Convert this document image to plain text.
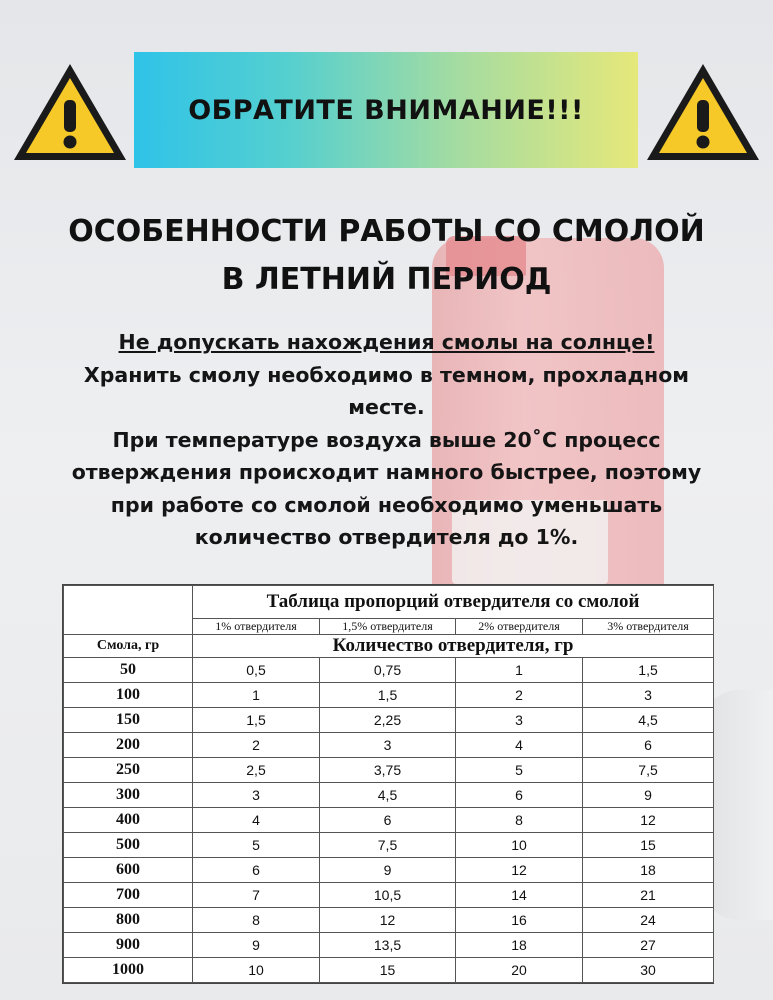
ОБРАТИТЕ ВНИМАНИЕ!!!
ОСОБЕННОСТИ РАБОТЫ СО СМОЛОЙ
В ЛЕТНИЙ ПЕРИОД
Не допускать нахождения смолы на солнце!
Хранить смолу необходимо в темном, прохладном
месте.
При температуре воздуха выше 20˚С процесс
отверждения происходит намного быстрее, поэтому
при работе со смолой необходимо уменьшать
количество отвердителя до 1%.
	Таблица пропорций отвердителя со смолой			
	1% отвердителя	1,5% отвердителя	2% отвердителя	3% отвердителя
Смола, гр	Количество отвердителя, гр			
50	0,5	0,75	1	1,5
100	1	1,5	2	3
150	1,5	2,25	3	4,5
200	2	3	4	6
250	2,5	3,75	5	7,5
300	3	4,5	6	9
400	4	6	8	12
500	5	7,5	10	15
600	6	9	12	18
700	7	10,5	14	21
800	8	12	16	24
900	9	13,5	18	27
1000	10	15	20	30
